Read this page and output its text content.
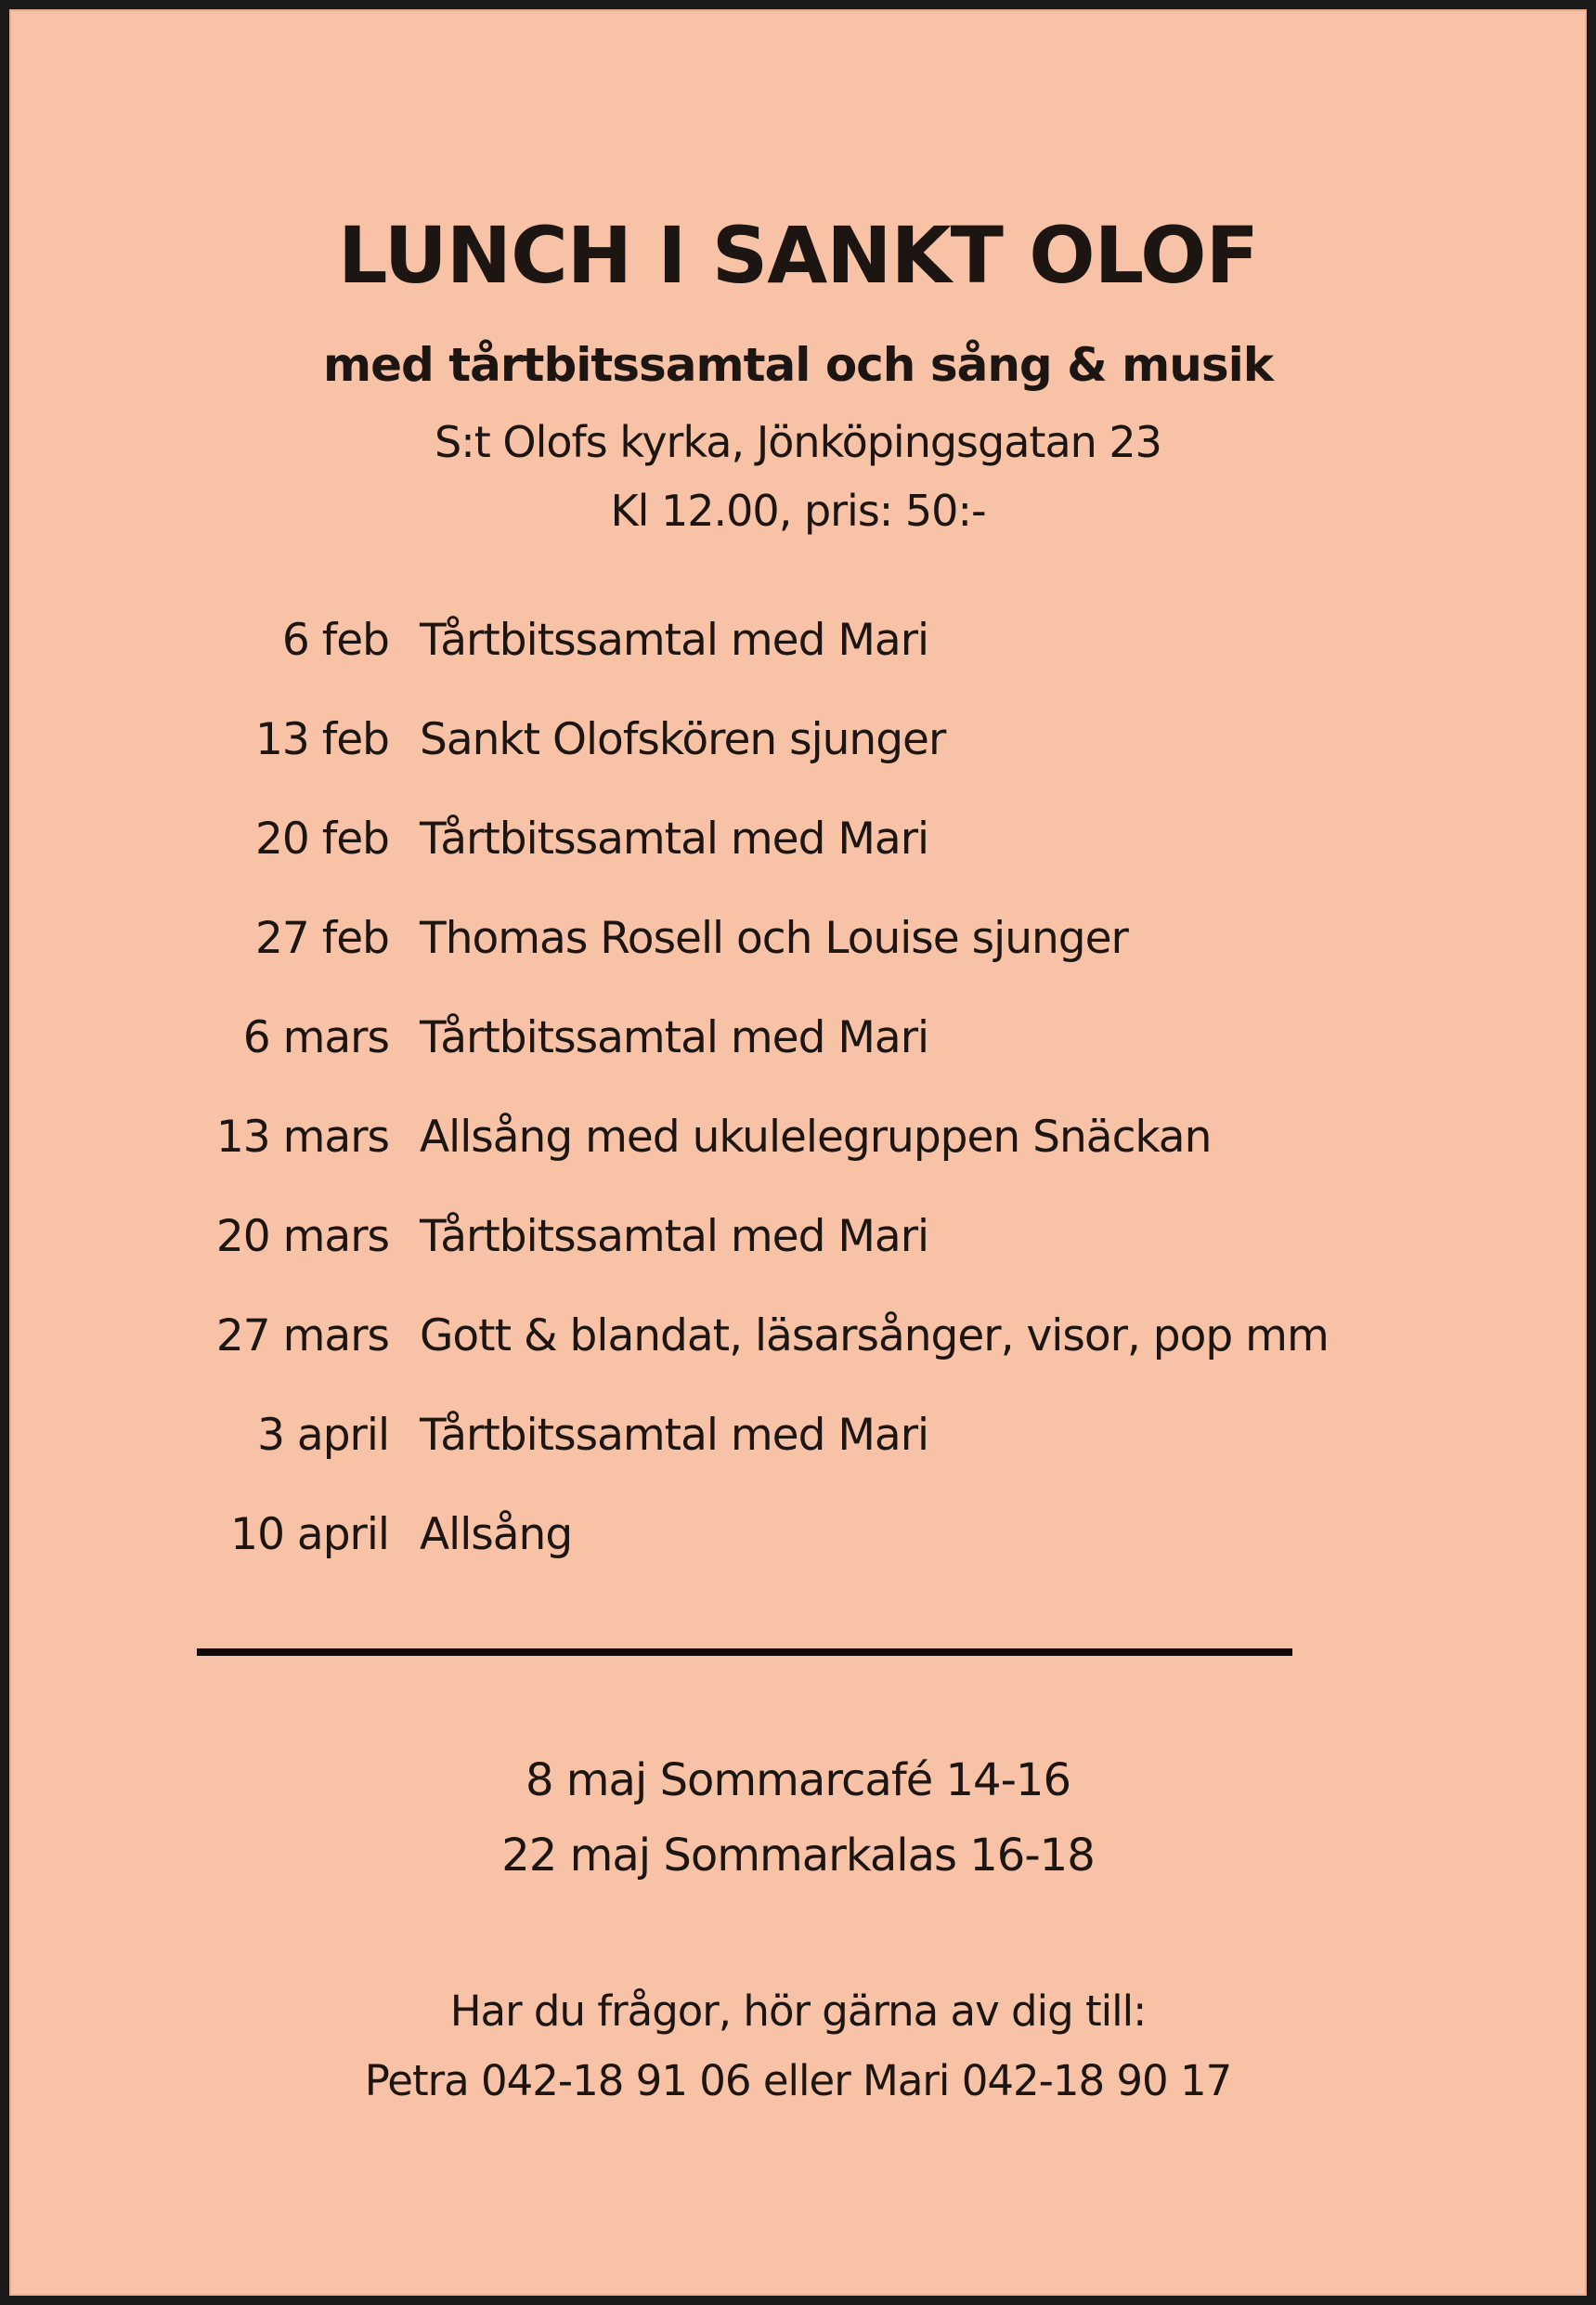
LUNCH I SANKT OLOF
med tårtbitssamtal och sång & musik
S:t Olofs kyrka, Jönköpingsgatan 23
Kl 12.00, pris: 50:-
6 feb Tårtbitssamtal med Mari
13 feb Sankt Olofskören sjunger
20 feb Tårtbitssamtal med Mari
27 feb Thomas Rosell och Louise sjunger
6 mars Tårtbitssamtal med Mari
13 mars Allsång med ukulelegruppen Snäckan
20 mars Tårtbitssamtal med Mari
27 mars Gott & blandat, läsarsånger, visor, pop mm
3 april Tårtbitssamtal med Mari
10 april Allsång
8 maj Sommarcafé 14-16
22 maj Sommarkalas 16-18
Har du frågor, hör gärna av dig till:
Petra 042-18 91 06 eller Mari 042-18 90 17
